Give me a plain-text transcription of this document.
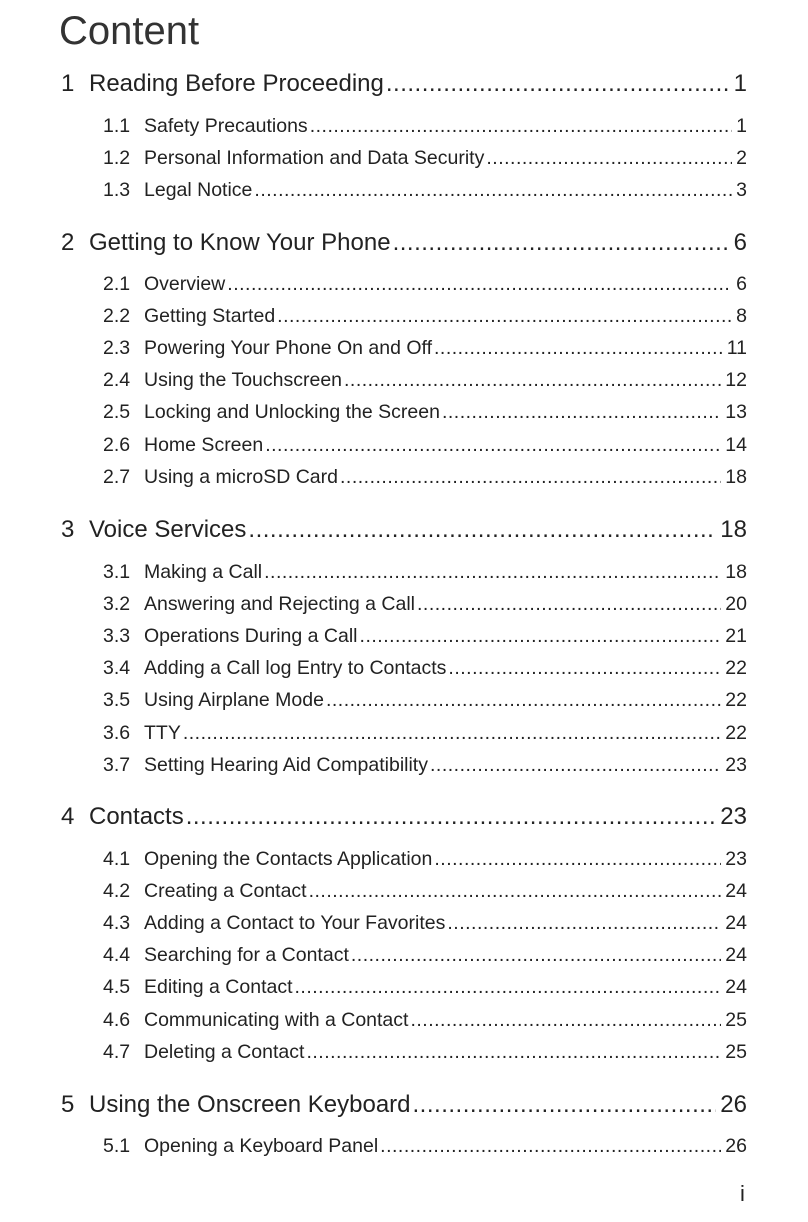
Content
1 Reading Before Proceeding .....	1
1.1 Safety Precautions .....	1
1.2 Personal Information and Data Security .....	2
1.3 Legal Notice .....	3
2 Getting to Know Your Phone .....	6
2.1 Overview .....	6
2.2 Getting Started .....	8
2.3 Powering Your Phone On and Off .....	11
2.4 Using the Touchscreen .....	12
2.5 Locking and Unlocking the Screen .....	13
2.6 Home Screen .....	14
2.7 Using a microSD Card .....	18
3 Voice Services .....	18
3.1 Making a Call .....	18
3.2 Answering and Rejecting a Call .....	20
3.3 Operations During a Call .....	21
3.4 Adding a Call log Entry to Contacts .....	22
3.5 Using Airplane Mode .....	22
3.6 TTY .....	22
3.7 Setting Hearing Aid Compatibility .....	23
4 Contacts .....	23
4.1 Opening the Contacts Application .....	23
4.2 Creating a Contact .....	24
4.3 Adding a Contact to Your Favorites .....	24
4.4 Searching for a Contact .....	24
4.5 Editing a Contact .....	24
4.6 Communicating with a Contact .....	25
4.7 Deleting a Contact .....	25
5 Using the Onscreen Keyboard .....	26
5.1 Opening a Keyboard Panel .....	26
i
